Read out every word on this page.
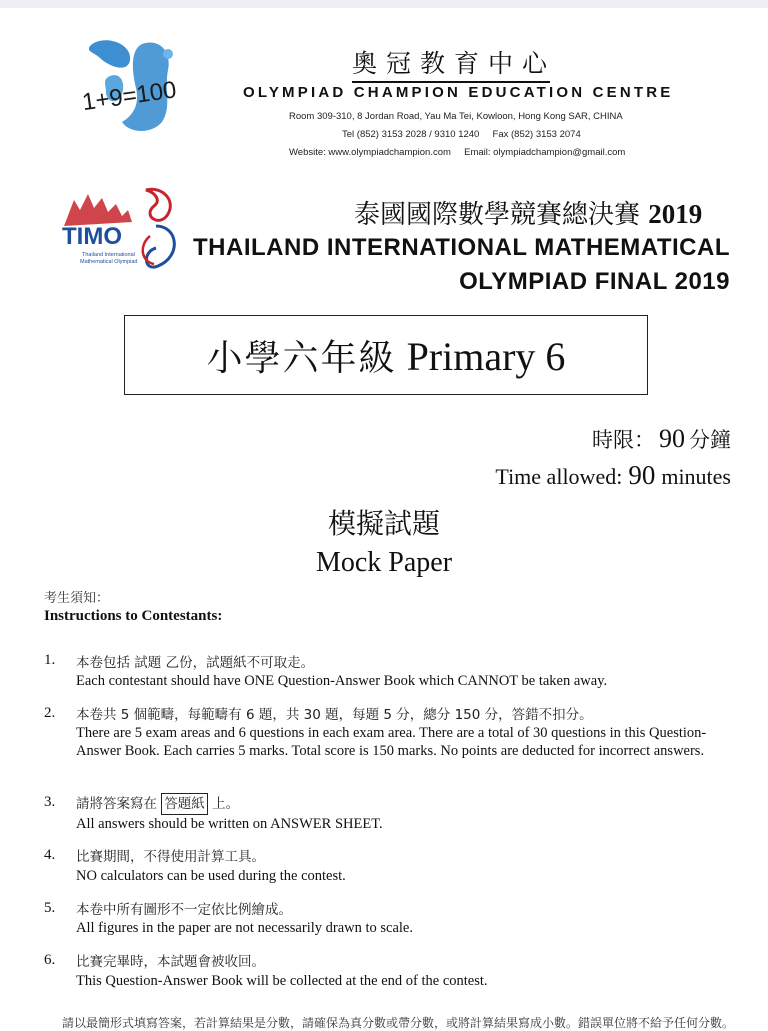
1+9=100
奧冠教育中心
OLYMPIAD CHAMPION EDUCATION CENTRE
Room 309-310, 8 Jordan Road, Yau Ma Tei, Kowloon, Hong Kong SAR, CHINA
Tel (852) 3153 2028 / 9310 1240     Fax (852) 3153 2074
Website: www.olympiadchampion.com     Email: olympiadchampion@gmail.com
TIMO
Thailand International
Mathematical Olympiad
泰國國際數學競賽總決賽 2019
THAILAND INTERNATIONAL MATHEMATICAL
OLYMPIAD FINAL 2019
小學六年級 Primary 6
時限： 90 分鐘
Time allowed: 90 minutes
模擬試題
Mock Paper
考生須知：
Instructions to Contestants:
1. 本卷包括 試題 乙份，試題紙不可取走。
Each contestant should have ONE Question-Answer Book which CANNOT be taken away.
2. 本卷共 5 個範疇，每範疇有 6 題，共 30 題，每題 5 分，總分 150 分，答錯不扣分。
There are 5 exam areas and 6 questions in each exam area. There are a total of 30 questions in this Question-Answer Book. Each carries 5 marks. Total score is 150 marks. No points are deducted for incorrect answers.
3. 請將答案寫在 答題紙 上。
All answers should be written on ANSWER SHEET.
4. 比賽期間，不得使用計算工具。
NO calculators can be used during the contest.
5. 本卷中所有圖形不一定依比例繪成。
All figures in the paper are not necessarily drawn to scale.
6. 比賽完畢時，本試題會被收回。
This Question-Answer Book will be collected at the end of the contest.
請以最簡形式填寫答案，若計算結果是分數，請確保為真分數或帶分數，或將計算結果寫成小數。錯誤單位將不給予任何分數。
